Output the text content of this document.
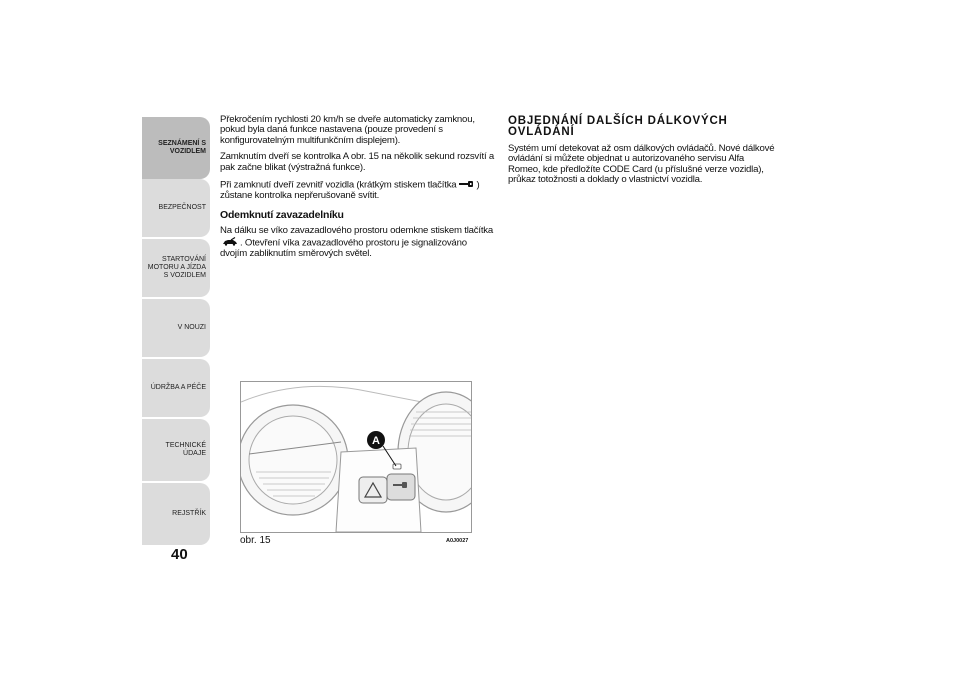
SEZNÁMENÍ S VOZIDLEM
BEZPEČNOST
STARTOVÁNÍ MOTORU A JÍZDA S VOZIDLEM
V NOUZI
ÚDRŽBA A PÉČE
TECHNICKÉ ÚDAJE
REJSTŘÍK
40

Překročením rychlosti 20 km/h se dveře automaticky zamknou, pokud byla daná funkce nastavena (pouze provedení s konfigurovatelným multifunkčním displejem).

Zamknutím dveří se kontrolka A obr. 15 na několik sekund rozsvítí a pak začne blikat (výstražná funkce).

Při zamknutí dveří zevnitř vozidla (krátkým stiskem tlačítka ) zůstane kontrolka nepřerušovaně svítit.

Odemknutí zavazadelníku

Na dálku se víko zavazadlového prostoru odemkne stiskem tlačítka. Otevření víka zavazadlového prostoru je signalizováno dvojím zabliknutím směrových světel.

OBJEDNÁNÍ DALŠÍCH DÁLKOVÝCH OVLÁDÁNÍ

Systém umí detekovat až osm dálkových ovládačů. Nové dálkové ovládání si můžete objednat u autorizovaného servisu Alfa Romeo, kde předložíte CODE Card (u příslušné verze vozidla), průkaz totožnosti a doklady o vlastnictví vozidla.

A
obr. 15	A0J0027
